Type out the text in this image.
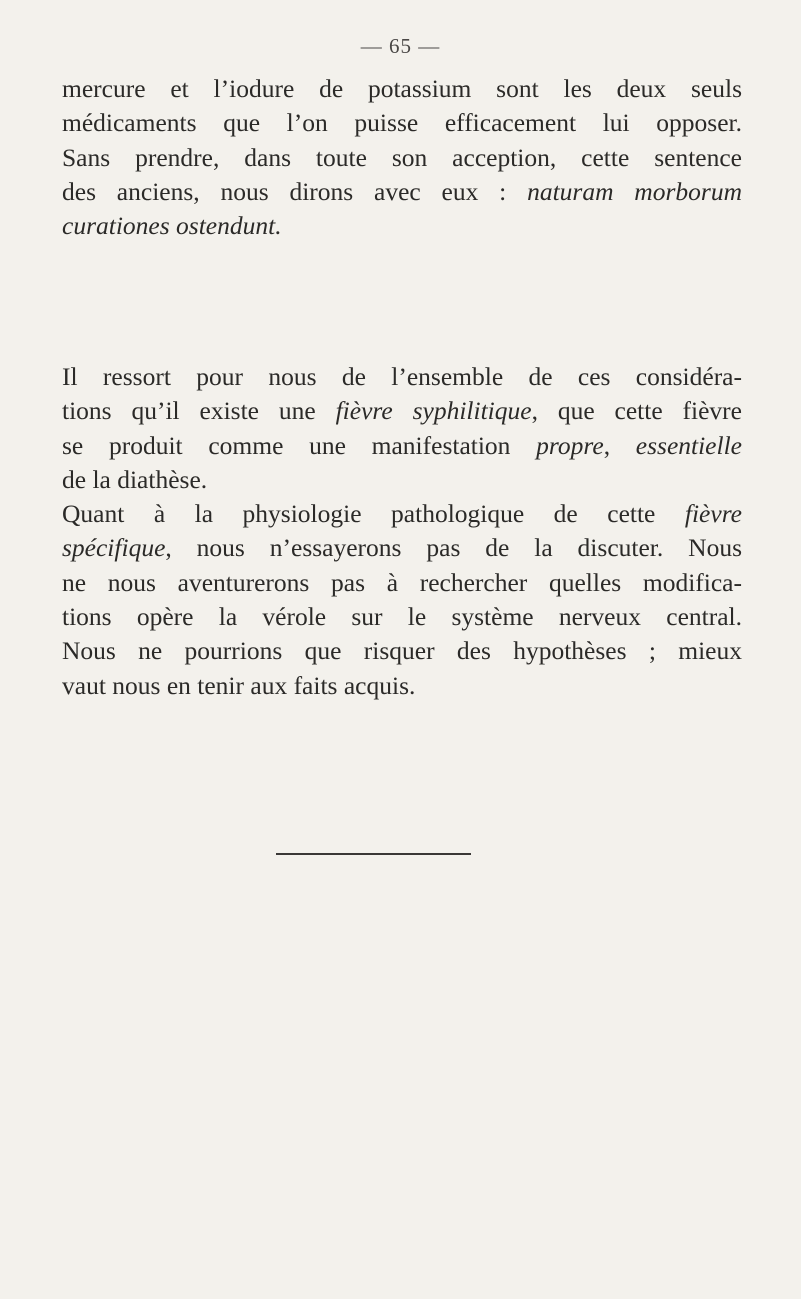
— 65 —
mercure et l’iodure de potassium sont les deux seuls
médicaments que l’on puisse efficacement lui opposer.
Sans prendre, dans toute son acception, cette sentence
des anciens, nous dirons avec eux : naturam morborum
curationes ostendunt.
Il ressort pour nous de l’ensemble de ces considéra-
tions qu’il existe une fièvre syphilitique, que cette fièvre
se produit comme une manifestation propre, essentielle
de la diathèse.
Quant à la physiologie pathologique de cette fièvre
spécifique, nous n’essayerons pas de la discuter. Nous
ne nous aventurerons pas à rechercher quelles modifica-
tions opère la vérole sur le système nerveux central.
Nous ne pourrions que risquer des hypothèses ; mieux
vaut nous en tenir aux faits acquis.
